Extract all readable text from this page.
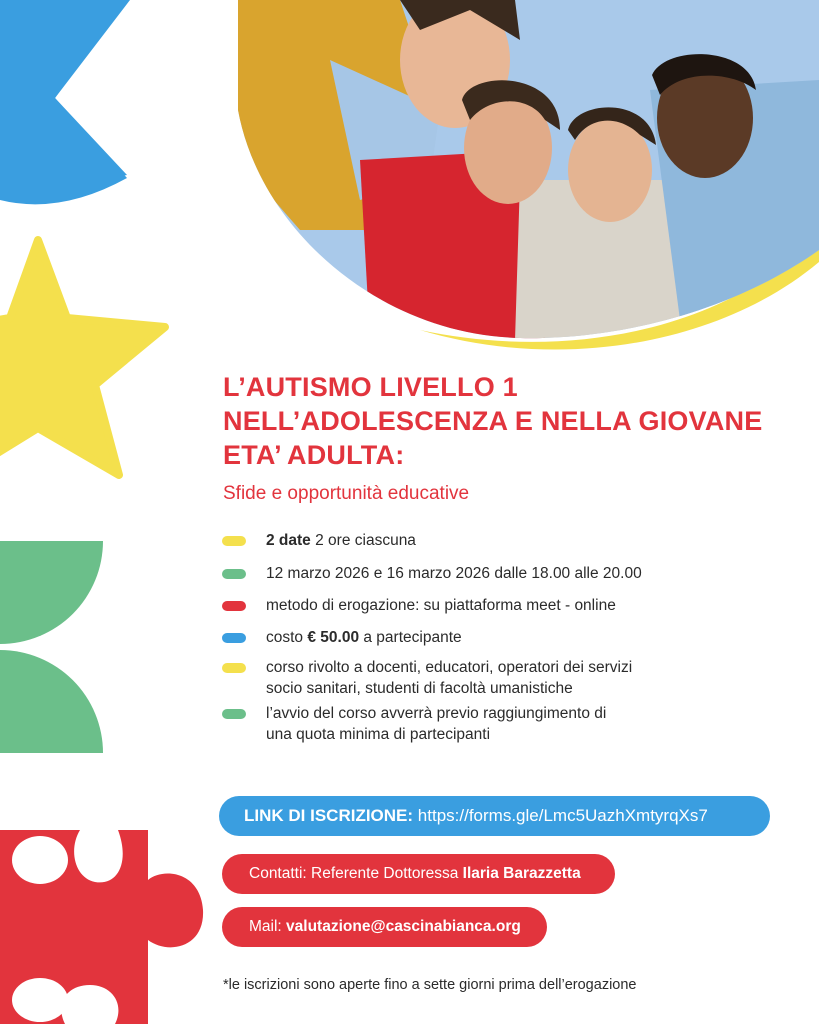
L’AUTISMO LIVELLO 1
NELL’ADOLESCENZA E NELLA GIOVANE
ETA’ ADULTA:

Sfide e opportunità educative

2 date 2 ore ciascuna
12 marzo 2026 e 16 marzo 2026 dalle 18.00 alle 20.00
metodo di erogazione: su piattaforma meet - online
costo € 50.00 a partecipante
corso rivolto a docenti, educatori, operatori dei servizi
socio sanitari, studenti di facoltà umanistiche
l’avvio del corso avverrà previo raggiungimento di
una quota minima di partecipanti
LINK DI ISCRIZIONE: https://forms.gle/Lmc5UazhXmtyrqXs7
Contatti: Referente Dottoressa Ilaria Barazzetta
Mail: valutazione@cascinabianca.org

*le iscrizioni sono aperte fino a sette giorni prima dell’erogazione
